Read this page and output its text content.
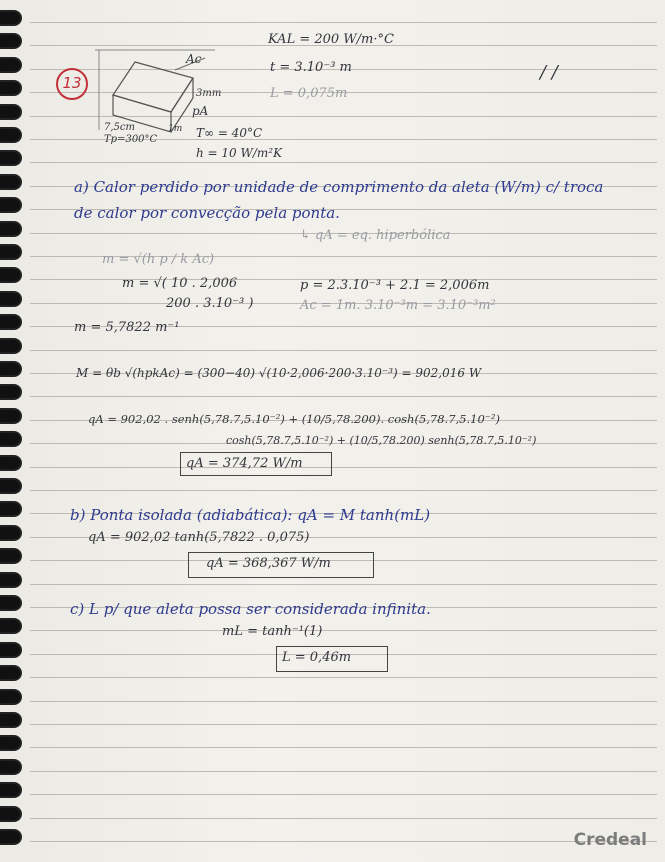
13
Ac
3mm
pA
7,5cm
Tp=300°C
1m T∞ = 40°C
h = 10 W/m²K
KAL = 200 W/m·°C
t = 3.10⁻³ m
L = 0,075m
/ /
a) Calor perdido por unidade de comprimento da aleta (W/m) c/ troca
de calor por convecção pela ponta.
↳ qA = eq. hiperbólica
m = √(h p / k Ac)
m = √( 10 . 2,006
200 . 3.10⁻³ )
p = 2.3.10⁻³ + 2.1 = 2,006m
Ac = 1m. 3.10⁻³m = 3.10⁻³m²
m = 5,7822 m⁻¹
M = θb √(hpkAc) = (300−40) √(10·2,006·200·3.10⁻³) = 902,016 W
qA = 902,02 . senh(5,78.7,5.10⁻²) + (10/5,78.200). cosh(5,78.7,5.10⁻²)
cosh(5,78.7,5.10⁻²) + (10/5,78.200) senh(5,78.7,5.10⁻²)
qA = 374,72 W/m
b) Ponta isolada (adiabática): qA = M tanh(mL)
qA = 902,02 tanh(5,7822 . 0,075)
qA = 368,367 W/m
c) L p/ que aleta possa ser considerada infinita.
mL = tanh⁻¹(1)
L = 0,46m
Credeal
